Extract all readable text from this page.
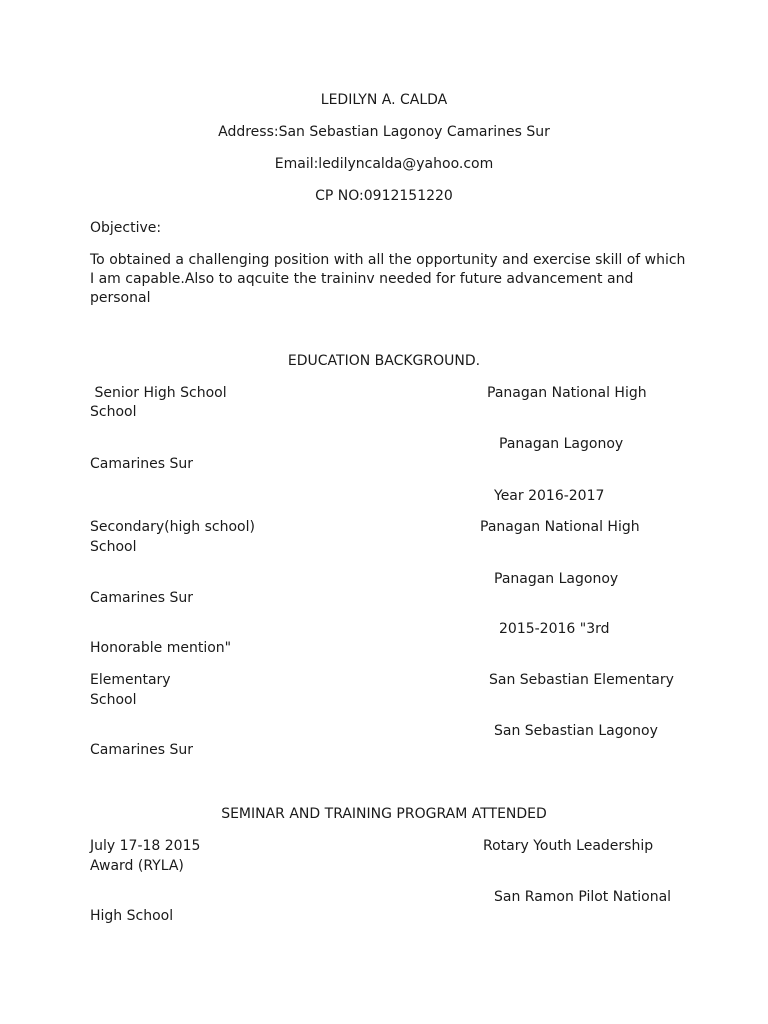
LEDILYN A. CALDA
Address:San Sebastian Lagonoy Camarines Sur
Email:ledilyncalda@yahoo.com
CP NO:0912151220
Objective:
To obtained a challenging position with all the opportunity and exercise skill of which I am capable.Also to aqcuite the traininv needed for future advancement and personal
EDUCATION BACKGROUND.
Senior High School	Panagan National High
School
Panagan Lagonoy
Camarines Sur
Year 2016-2017
Secondary(high school)	Panagan National High
School
Panagan Lagonoy
Camarines Sur
2015-2016 "3rd
Honorable mention"
Elementary	San Sebastian Elementary
School
San Sebastian Lagonoy
Camarines Sur
SEMINAR AND TRAINING PROGRAM ATTENDED
July 17-18 2015	Rotary Youth Leadership
Award (RYLA)
San Ramon Pilot National
High School
